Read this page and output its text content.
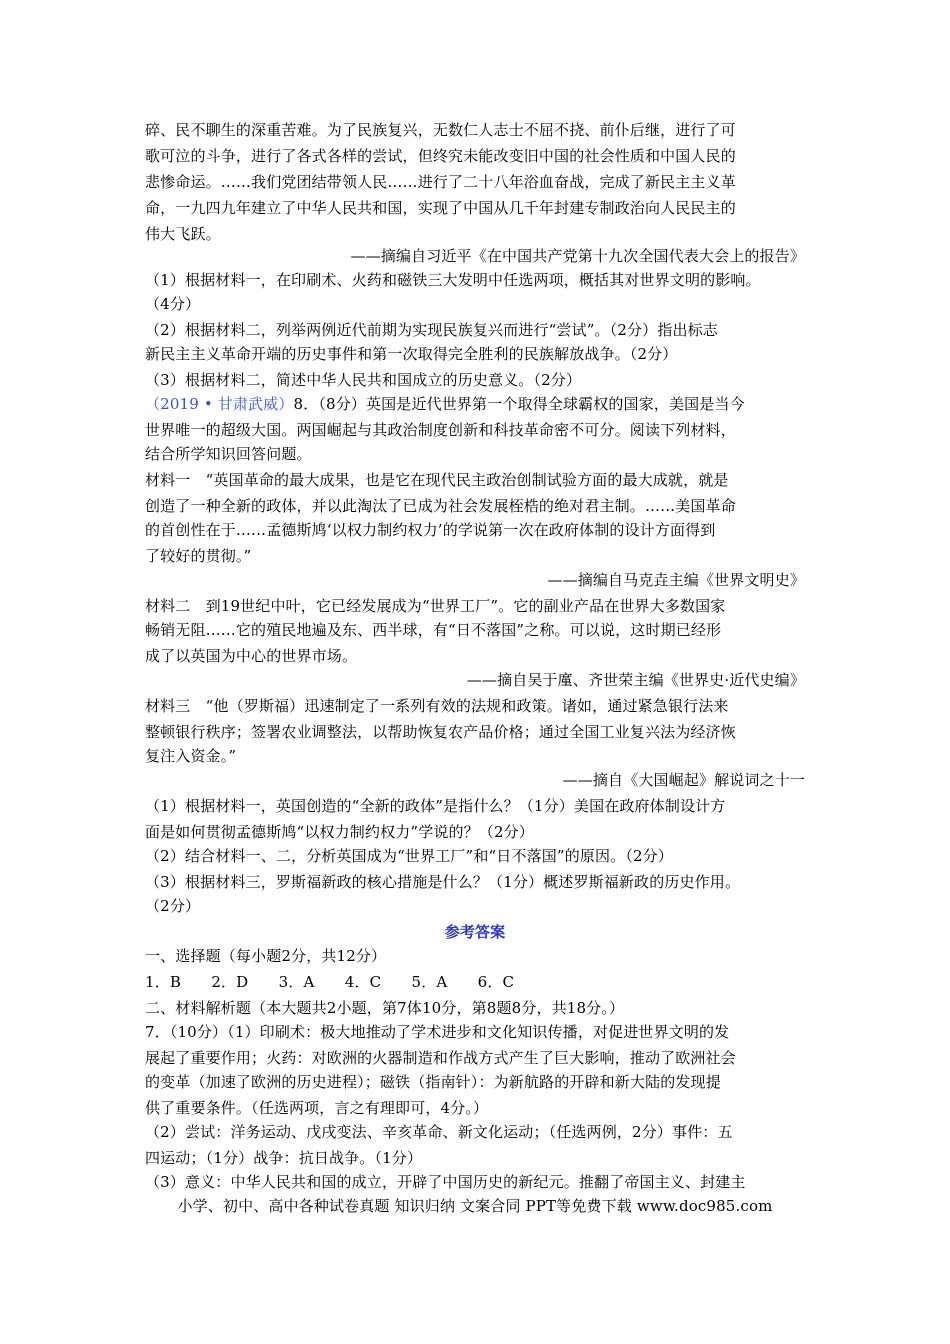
碎、民不聊生的深重苦难。为了民族复兴，无数仁人志士不屈不挠、前仆后继，进行了可
歌可泣的斗争，进行了各式各样的尝试，但终究未能改变旧中国的社会性质和中国人民的
悲惨命运。……我们党团结带领人民……进行了二十八年浴血奋战，完成了新民主主义革
命，一九四九年建立了中华人民共和国，实现了中国从几千年封建专制政治向人民民主的
伟大飞跃。
——摘编自习近平《在中国共产党第十九次全国代表大会上的报告》
（1）根据材料一，在印刷术、火药和磁铁三大发明中任选两项，概括其对世界文明的影响。
（4分）
（2）根据材料二，列举两例近代前期为实现民族复兴而进行“尝试”。（2分）指出标志
新民主主义革命开端的历史事件和第一次取得完全胜利的民族解放战争。（2分）
（3）根据材料二，简述中华人民共和国成立的历史意义。（2分）
（2019 • 甘肃武威）8．（8分）英国是近代世界第一个取得全球霸权的国家，美国是当今
世界唯一的超级大国。两国崛起与其政治制度创新和科技革命密不可分。阅读下列材料，
结合所学知识回答问题。
材料一　“英国革命的最大成果，也是它在现代民主政治创制试验方面的最大成就，就是
创造了一种全新的政体，并以此淘汰了已成为社会发展桎梏的绝对君主制。……美国革命
的首创性在于……孟德斯鸠‘以权力制约权力’的学说第一次在政府体制的设计方面得到
了较好的贯彻。”
——摘编自马克垚主编《世界文明史》
材料二　到19世纪中叶，它已经发展成为“世界工厂”。它的副业产品在世界大多数国家
畅销无阻……它的殖民地遍及东、西半球，有“日不落国”之称。可以说，这时期已经形
成了以英国为中心的世界市场。
——摘自吴于廑、齐世荣主编《世界史·近代史编》
材料三　“他（罗斯福）迅速制定了一系列有效的法规和政策。诸如，通过紧急银行法来
整顿银行秩序；签署农业调整法，以帮助恢复农产品价格；通过全国工业复兴法为经济恢
复注入资金。”
——摘自《大国崛起》解说词之十一
（1）根据材料一，英国创造的“全新的政体”是指什么？（1分）美国在政府体制设计方
面是如何贯彻孟德斯鸠“以权力制约权力”学说的？（2分）
（2）结合材料一、二，分析英国成为“世界工厂”和“日不落国”的原因。（2分）
（3）根据材料三，罗斯福新政的核心措施是什么？（1分）概述罗斯福新政的历史作用。
（2分）
参考答案
一、选择题（每小题2分，共12分）
1．B　　2．D　　3．A　　4．C　　5．A　　6．C
二、材料解析题（本大题共2小题，第7体10分，第8题8分，共18分。）
7．（10分）（1）印刷术：极大地推动了学术进步和文化知识传播，对促进世界文明的发
展起了重要作用；火药：对欧洲的火器制造和作战方式产生了巨大影响，推动了欧洲社会
的变革（加速了欧洲的历史进程）；磁铁（指南针）：为新航路的开辟和新大陆的发现提
供了重要条件。（任选两项，言之有理即可，4分。）
（2）尝试：洋务运动、戊戌变法、辛亥革命、新文化运动；（任选两例，2分）事件：五
四运动；（1分）战争：抗日战争。（1分）
（3）意义：中华人民共和国的成立，开辟了中国历史的新纪元。推翻了帝国主义、封建主
小学、初中、高中各种试卷真题 知识归纳 文案合同 PPT等免费下载 www.doc985.com
